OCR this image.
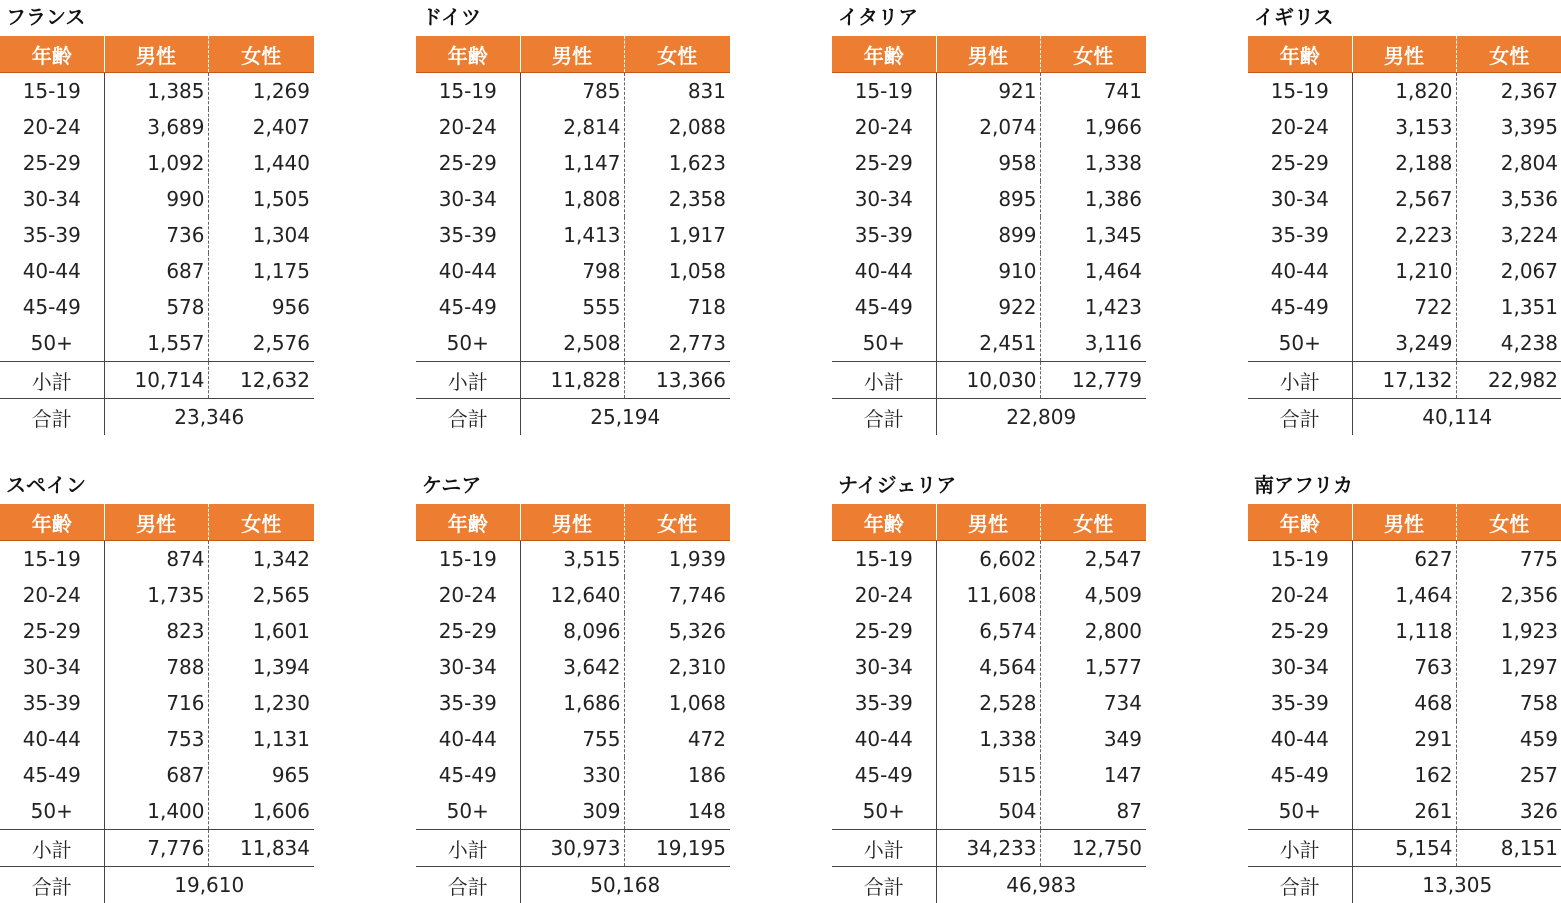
フランス
年齢	男性	女性
15-19	1,385	1,269
20-24	3,689	2,407
25-29	1,092	1,440
30-34	990	1,505
35-39	736	1,304
40-44	687	1,175
45-49	578	956
50+	1,557	2,576
小計	10,714	12,632
合計	23,346	
ドイツ
年齢	男性	女性
15-19	785	831
20-24	2,814	2,088
25-29	1,147	1,623
30-34	1,808	2,358
35-39	1,413	1,917
40-44	798	1,058
45-49	555	718
50+	2,508	2,773
小計	11,828	13,366
合計	25,194	
イタリア
年齢	男性	女性
15-19	921	741
20-24	2,074	1,966
25-29	958	1,338
30-34	895	1,386
35-39	899	1,345
40-44	910	1,464
45-49	922	1,423
50+	2,451	3,116
小計	10,030	12,779
合計	22,809	
イギリス
年齢	男性	女性
15-19	1,820	2,367
20-24	3,153	3,395
25-29	2,188	2,804
30-34	2,567	3,536
35-39	2,223	3,224
40-44	1,210	2,067
45-49	722	1,351
50+	3,249	4,238
小計	17,132	22,982
合計	40,114	
スペイン
年齢	男性	女性
15-19	874	1,342
20-24	1,735	2,565
25-29	823	1,601
30-34	788	1,394
35-39	716	1,230
40-44	753	1,131
45-49	687	965
50+	1,400	1,606
小計	7,776	11,834
合計	19,610	
ケニア
年齢	男性	女性
15-19	3,515	1,939
20-24	12,640	7,746
25-29	8,096	5,326
30-34	3,642	2,310
35-39	1,686	1,068
40-44	755	472
45-49	330	186
50+	309	148
小計	30,973	19,195
合計	50,168	
ナイジェリア
年齢	男性	女性
15-19	6,602	2,547
20-24	11,608	4,509
25-29	6,574	2,800
30-34	4,564	1,577
35-39	2,528	734
40-44	1,338	349
45-49	515	147
50+	504	87
小計	34,233	12,750
合計	46,983	
南アフリカ
年齢	男性	女性
15-19	627	775
20-24	1,464	2,356
25-29	1,118	1,923
30-34	763	1,297
35-39	468	758
40-44	291	459
45-49	162	257
50+	261	326
小計	5,154	8,151
合計	13,305	
